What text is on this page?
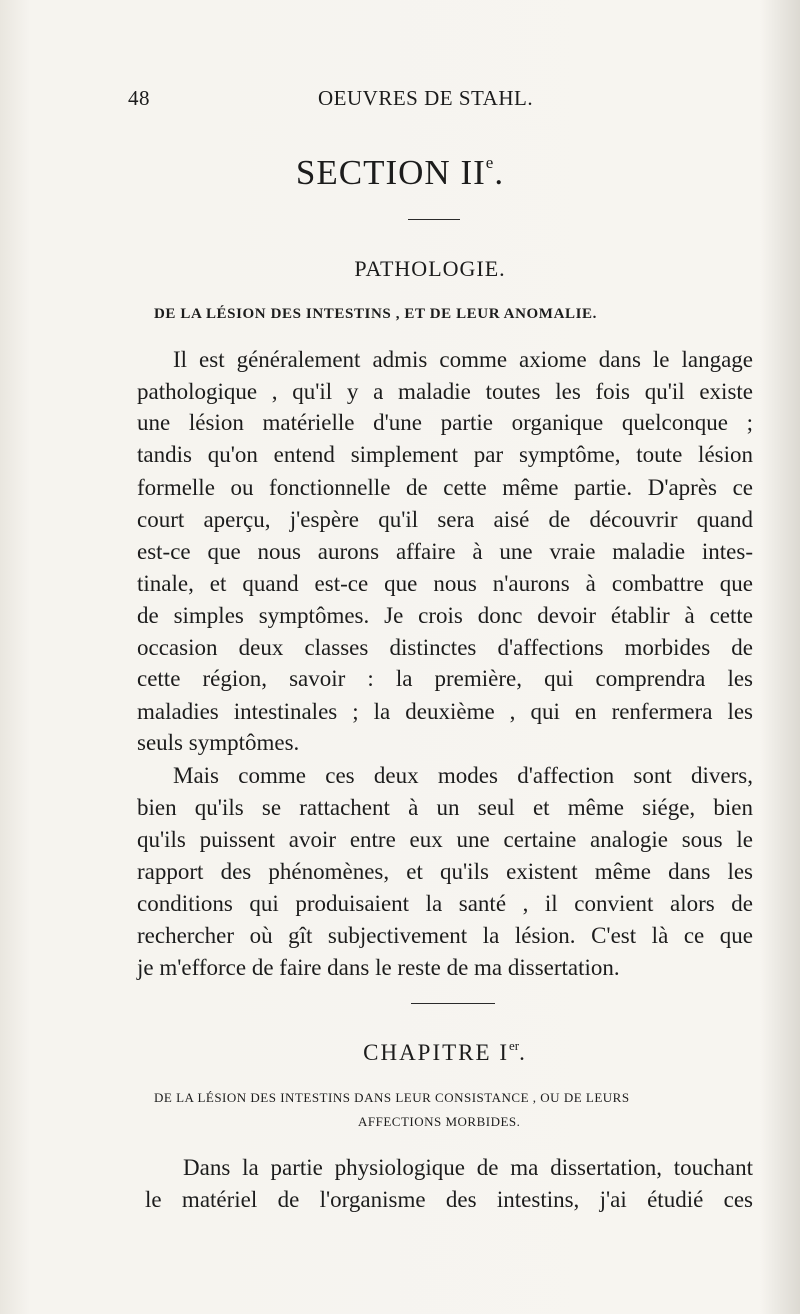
48	OEUVRES DE STAHL.
SECTION IIe.
PATHOLOGIE.
DE LA LÉSION DES INTESTINS , ET DE LEUR ANOMALIE.
Il est généralement admis comme axiome dans le langage
pathologique , qu'il y a maladie toutes les fois qu'il existe
une lésion matérielle d'une partie organique quelconque ;
tandis qu'on entend simplement par symptôme, toute lésion
formelle ou fonctionnelle de cette même partie. D'après ce
court aperçu, j'espère qu'il sera aisé de découvrir quand
est-ce que nous aurons affaire à une vraie maladie intes-
tinale, et quand est-ce que nous n'aurons à combattre que
de simples symptômes. Je crois donc devoir établir à cette
occasion deux classes distinctes d'affections morbides de
cette région, savoir : la première, qui comprendra les
maladies intestinales ; la deuxième , qui en renfermera les
seuls symptômes.
Mais comme ces deux modes d'affection sont divers,
bien qu'ils se rattachent à un seul et même siége, bien
qu'ils puissent avoir entre eux une certaine analogie sous le
rapport des phénomènes, et qu'ils existent même dans les
conditions qui produisaient la santé , il convient alors de
rechercher où gît subjectivement la lésion. C'est là ce que
je m'efforce de faire dans le reste de ma dissertation.
CHAPITRE Ier.
DE LA LÉSION DES INTESTINS DANS LEUR CONSISTANCE , OU DE LEURS
AFFECTIONS MORBIDES.
Dans la partie physiologique de ma dissertation, touchant
le matériel de l'organisme des intestins, j'ai étudié ces
